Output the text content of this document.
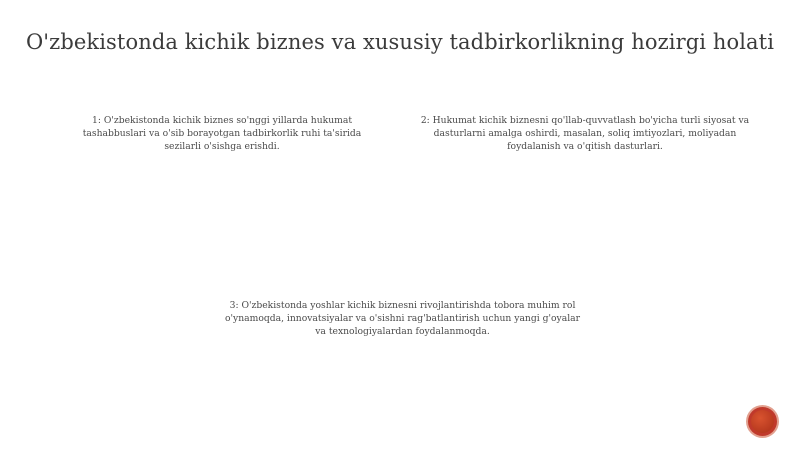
O'zbekistonda kichik biznes va xususiy tadbirkorlikning hozirgi holati
1: O'zbekistonda kichik biznes so'nggi yillarda hukumat tashabbuslari va o'sib borayotgan tadbirkorlik ruhi ta'sirida sezilarli o'sishga erishdi.
2: Hukumat kichik biznesni qo'llab-quvvatlash bo'yicha turli siyosat va dasturlarni amalga oshirdi, masalan, soliq imtiyozlari, moliyadan foydalanish va o'qitish dasturlari.
3: O'zbekistonda yoshlar kichik biznesni rivojlantirishda tobora muhim rol o'ynamoqda, innovatsiyalar va o'sishni rag'batlantirish uchun yangi g'oyalar va texnologiyalardan foydalanmoqda.
